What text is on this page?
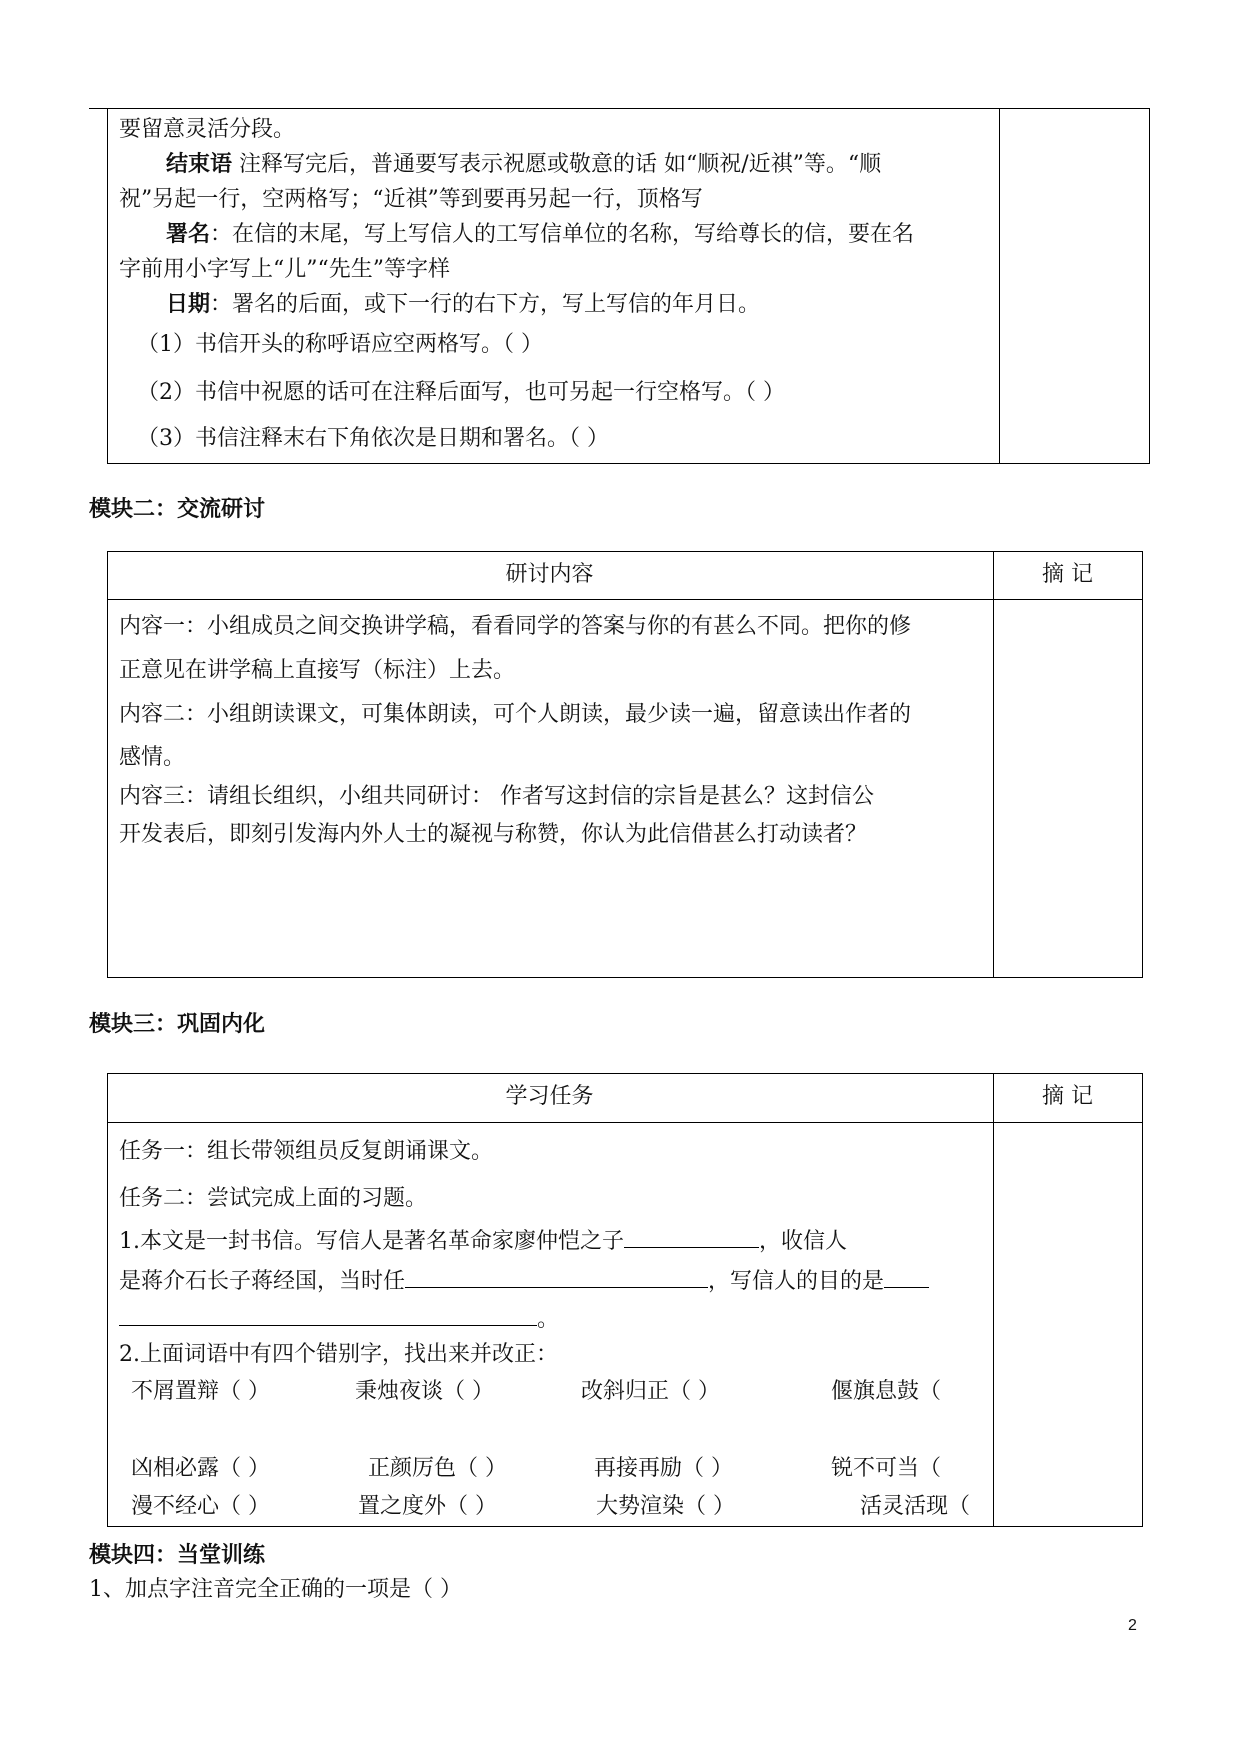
要留意灵活分段。
结束语 注释写完后，普通要写表示祝愿或敬意的话 如“顺祝/近祺”等。“顺
祝”另起一行，空两格写；“近祺”等到要再另起一行，顶格写
署名：在信的末尾，写上写信人的工写信单位的名称，写给尊长的信，要在名
字前用小字写上“儿”“先生”等字样
日期：署名的后面，或下一行的右下方，写上写信的年月日。
（1）书信开头的称呼语应空两格写。（ ）
（2）书信中祝愿的话可在注释后面写，也可另起一行空格写。（ ）
（3）书信注释末右下角依次是日期和署名。（ ）
模块二：交流研讨
研讨内容	摘 记
内容一：小组成员之间交换讲学稿，看看同学的答案与你的有甚么不同。把你的修
正意见在讲学稿上直接写（标注）上去。
内容二：小组朗读课文，可集体朗读，可个人朗读，最少读一遍，留意读出作者的
感情。
内容三：请组长组织，小组共同研讨： 作者写这封信的宗旨是甚么？这封信公
开发表后，即刻引发海内外人士的凝视与称赞，你认为此信借甚么打动读者？
模块三：巩固内化
学习任务	摘 记
任务一：组长带领组员反复朗诵课文。
任务二：尝试完成上面的习题。
1.本文是一封书信。写信人是著名革命家廖仲恺之子	，收信人
是蒋介石长子蒋经国，当时任	，写信人的目的是
。
2.上面词语中有四个错别字，找出来并改正：
不屑置辩（ ）	秉烛夜谈（ ）	改斜归正（ ）	偃旗息鼓（
凶相必露（ ）	正颜厉色（ ）	再接再励（ ）	锐不可当（
漫不经心（ ）	置之度外（ ）	大势渲染（ ）	活灵活现（
模块四：当堂训练
1、加点字注音完全正确的一项是（ ）
2
